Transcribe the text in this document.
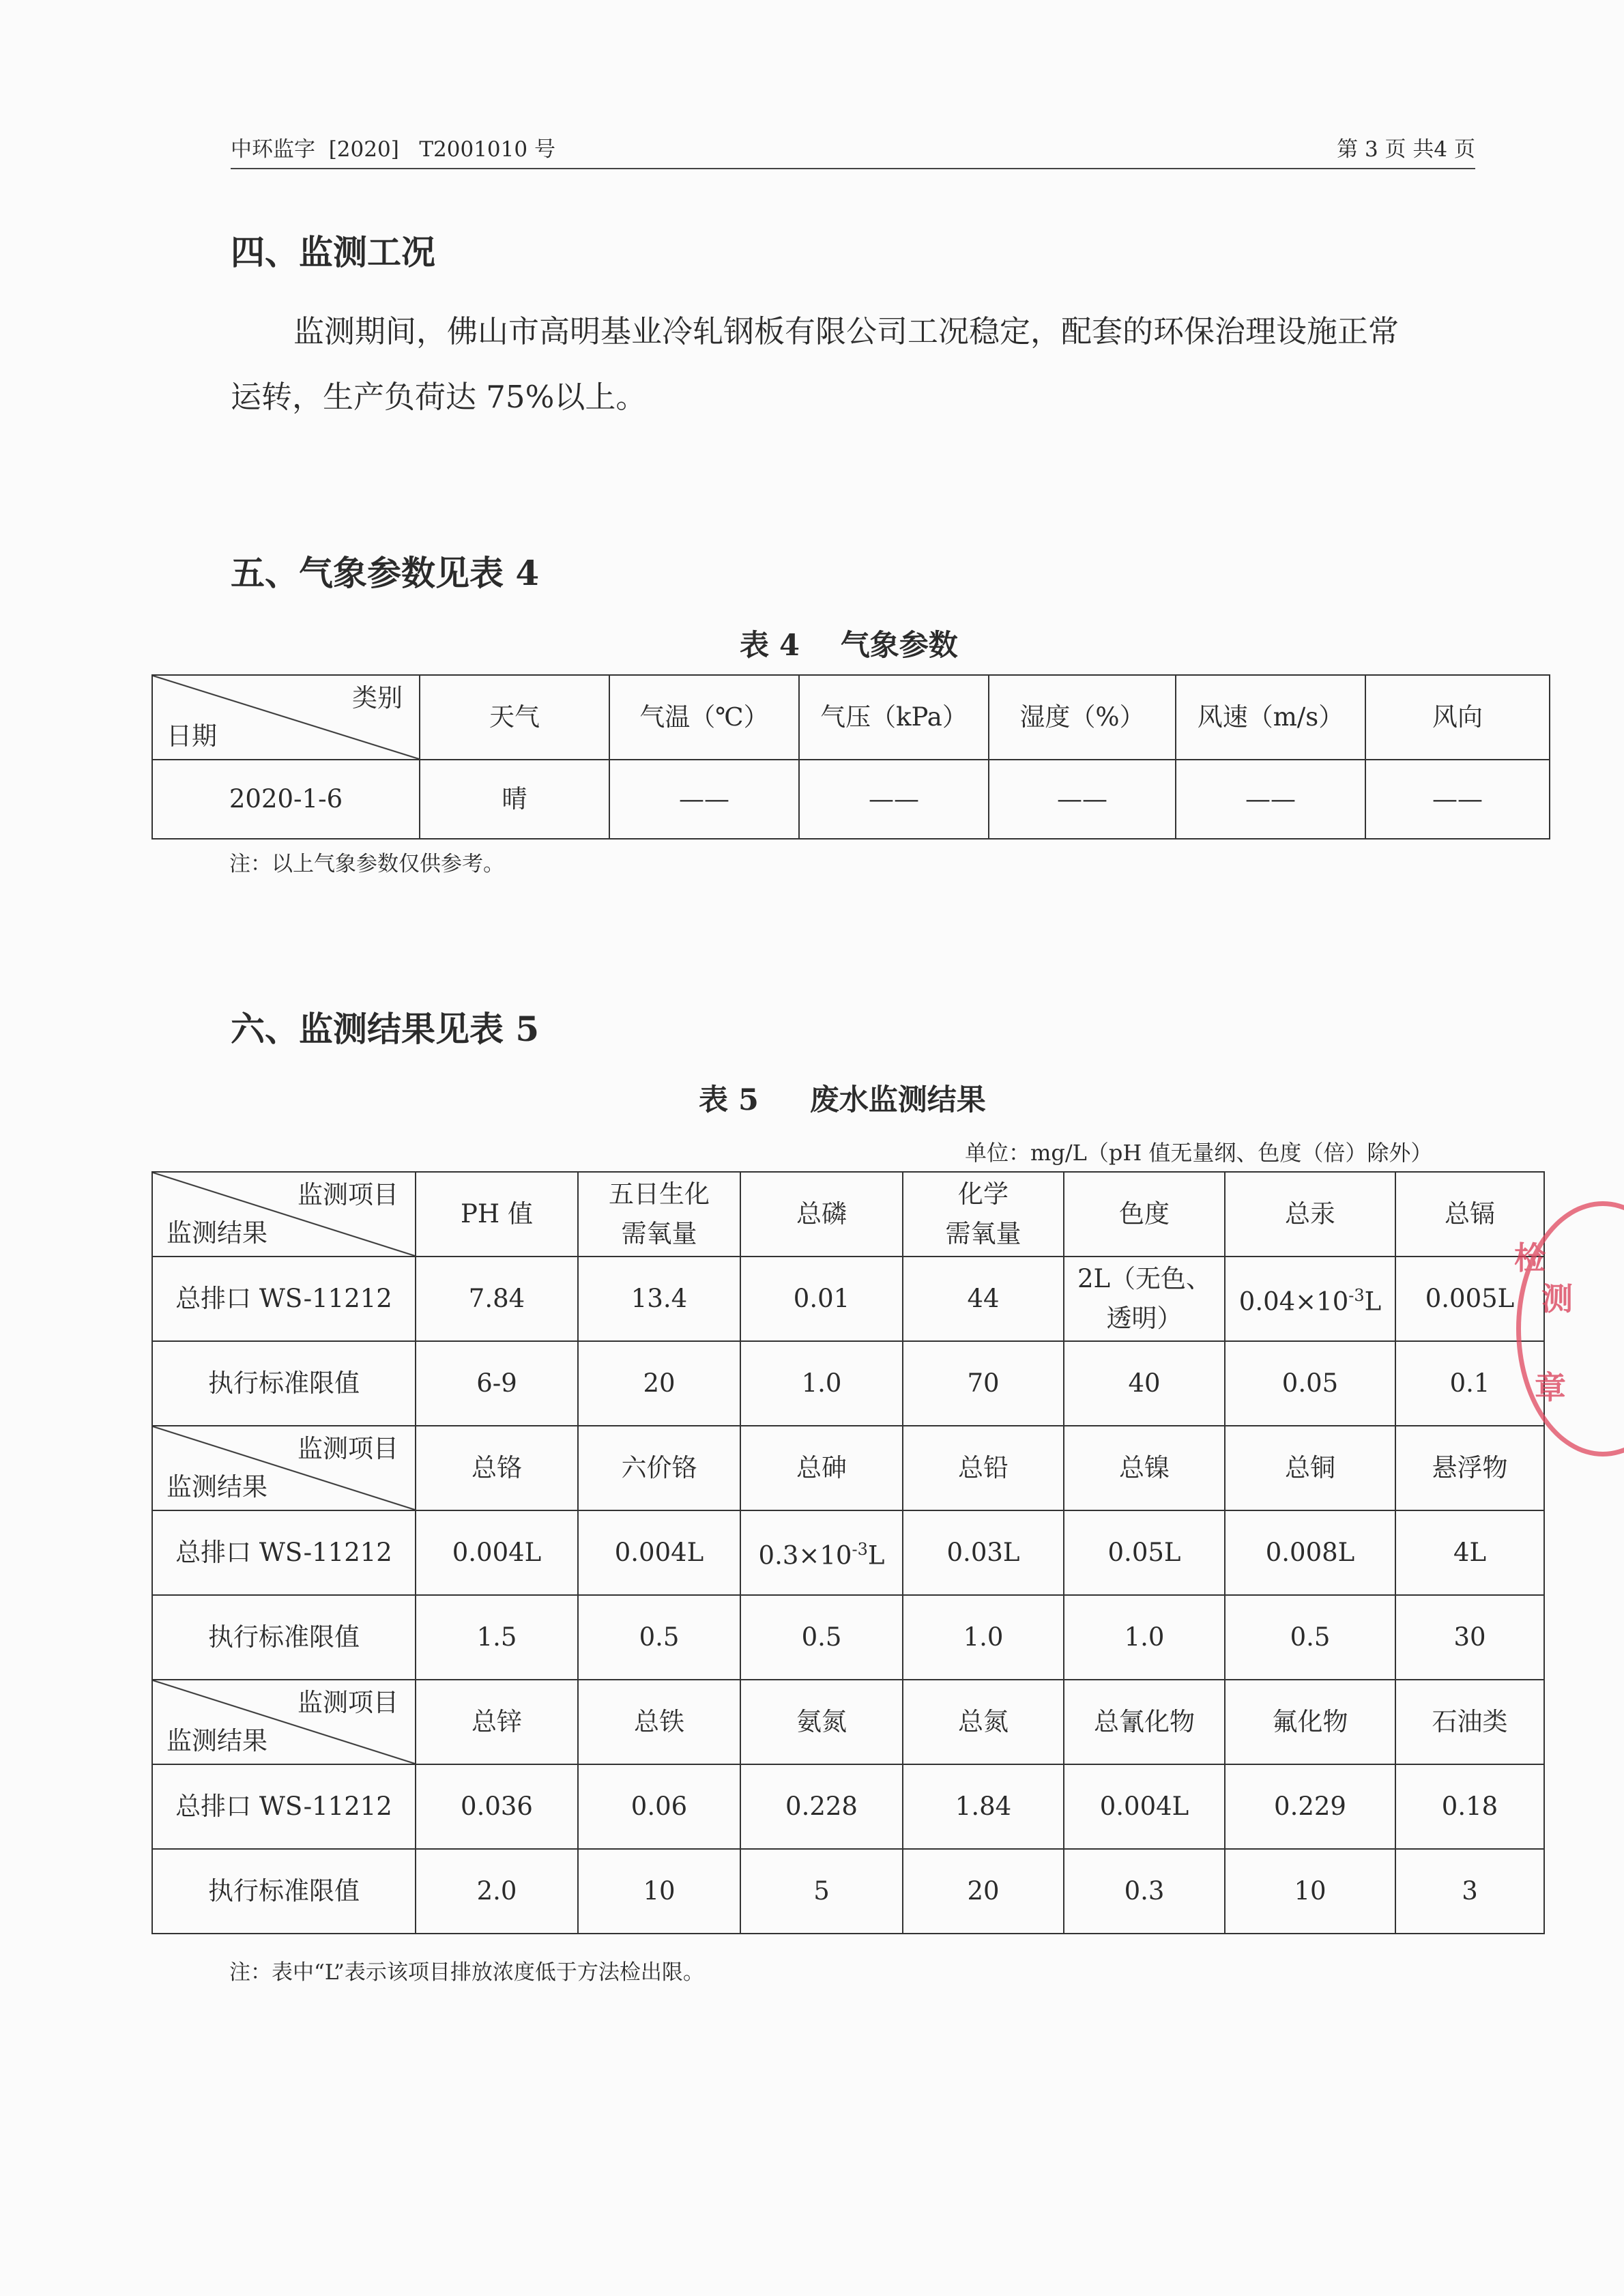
中环监字  [2020]   T2001010 号	第 3 页 共4 页
四、监测工况
监测期间，佛山市高明基业冷轧钢板有限公司工况稳定，配套的环保治理设施正常
运转，生产负荷达 75%以上。
五、气象参数见表 4
表 4    气象参数
类别
日期	天气	气温（℃）	气压（kPa）	湿度（%）	风速（m/s）	风向
2020-1-6	晴	——	——	——	——	——
注：以上气象参数仅供参考。
六、监测结果见表 5
表 5     废水监测结果
单位：mg/L（pH 值无量纲、色度（倍）除外）
监测项目
监测结果	PH 值	五日生化
需氧量	总磷	化学
需氧量	色度	总汞	总镉
总排口 WS-11212	7.84	13.4	0.01	44	2L（无色、
透明）	$0.04\times 10^{-3}L$	0.005L
执行标准限值	6-9	20	1.0	70	40	0.05	0.1

监测项目
监测结果	总铬	六价铬	总砷	总铅	总镍	总铜	悬浮物
总排口 WS-11212	0.004L	0.004L	$0.3\times 10^{-3}L$	0.03L	0.05L	0.008L	4L
执行标准限值	1.5	0.5	0.5	1.0	1.0	0.5	30

监测项目
监测结果	总锌	总铁	氨氮	总氮	总氰化物	氟化物	石油类
总排口 WS-11212	0.036	0.06	0.228	1.84	0.004L	0.229	0.18
执行标准限值	2.0	10	5	20	0.3	10	3
注：表中“L”表示该项目排放浓度低于方法检出限。
检
测
章
